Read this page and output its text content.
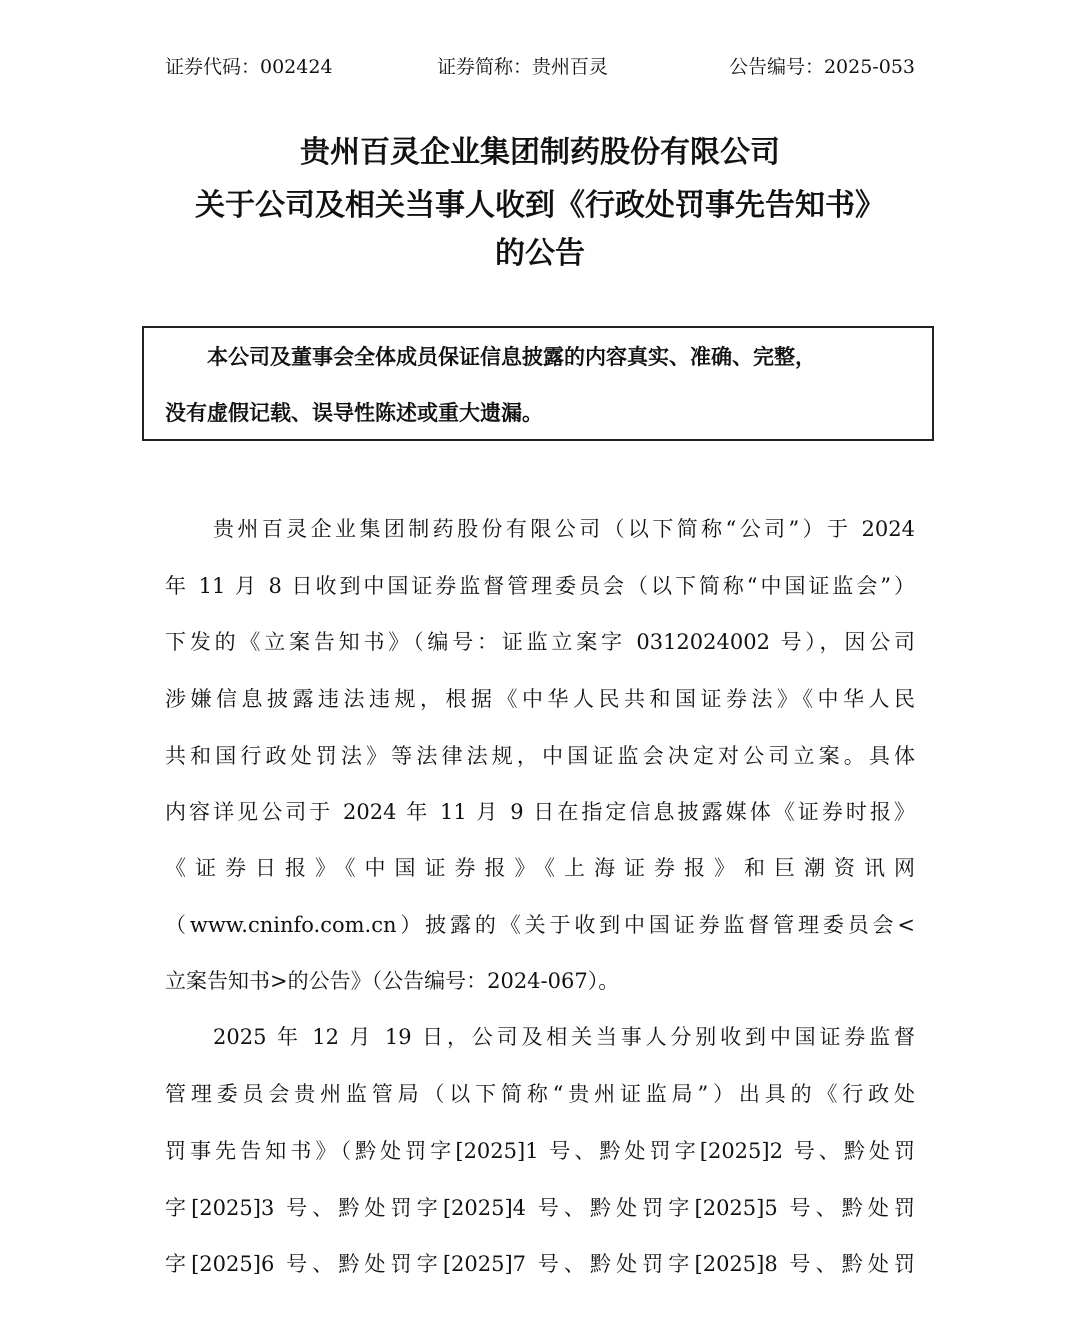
证券代码：002424	证券简称：贵州百灵	公告编号：2025-053
贵州百灵企业集团制药股份有限公司
关于公司及相关当事人收到《行政处罚事先告知书》
的公告
本公司及董事会全体成员保证信息披露的内容真实、准确、完整，
没有虚假记载、误导性陈述或重大遗漏。
贵州百灵企业集团制药股份有限公司（以下简称“公司”）于 2024
年 11 月 8 日收到中国证券监督管理委员会（以下简称“中国证监会”）
下发的《立案告知书》（编号：证监立案字 0312024002 号），因公司
涉嫌信息披露违法违规，根据《中华人民共和国证券法》《中华人民
共和国行政处罚法》等法律法规，中国证监会决定对公司立案。具体
内容详见公司于 2024 年 11 月 9 日在指定信息披露媒体《证券时报》
《证券日报》《中国证券报》《上海证券报》和巨潮资讯网
（www.cninfo.com.cn）披露的《关于收到中国证券监督管理委员会<
立案告知书>的公告》（公告编号：2024-067）。
2025 年 12 月 19 日，公司及相关当事人分别收到中国证券监督
管理委员会贵州监管局（以下简称“贵州证监局”）出具的《行政处
罚事先告知书》（黔处罚字[2025]1 号、黔处罚字[2025]2 号、黔处罚
字[2025]3 号、黔处罚字[2025]4 号、黔处罚字[2025]5 号、黔处罚
字[2025]6 号、黔处罚字[2025]7 号、黔处罚字[2025]8 号、黔处罚
